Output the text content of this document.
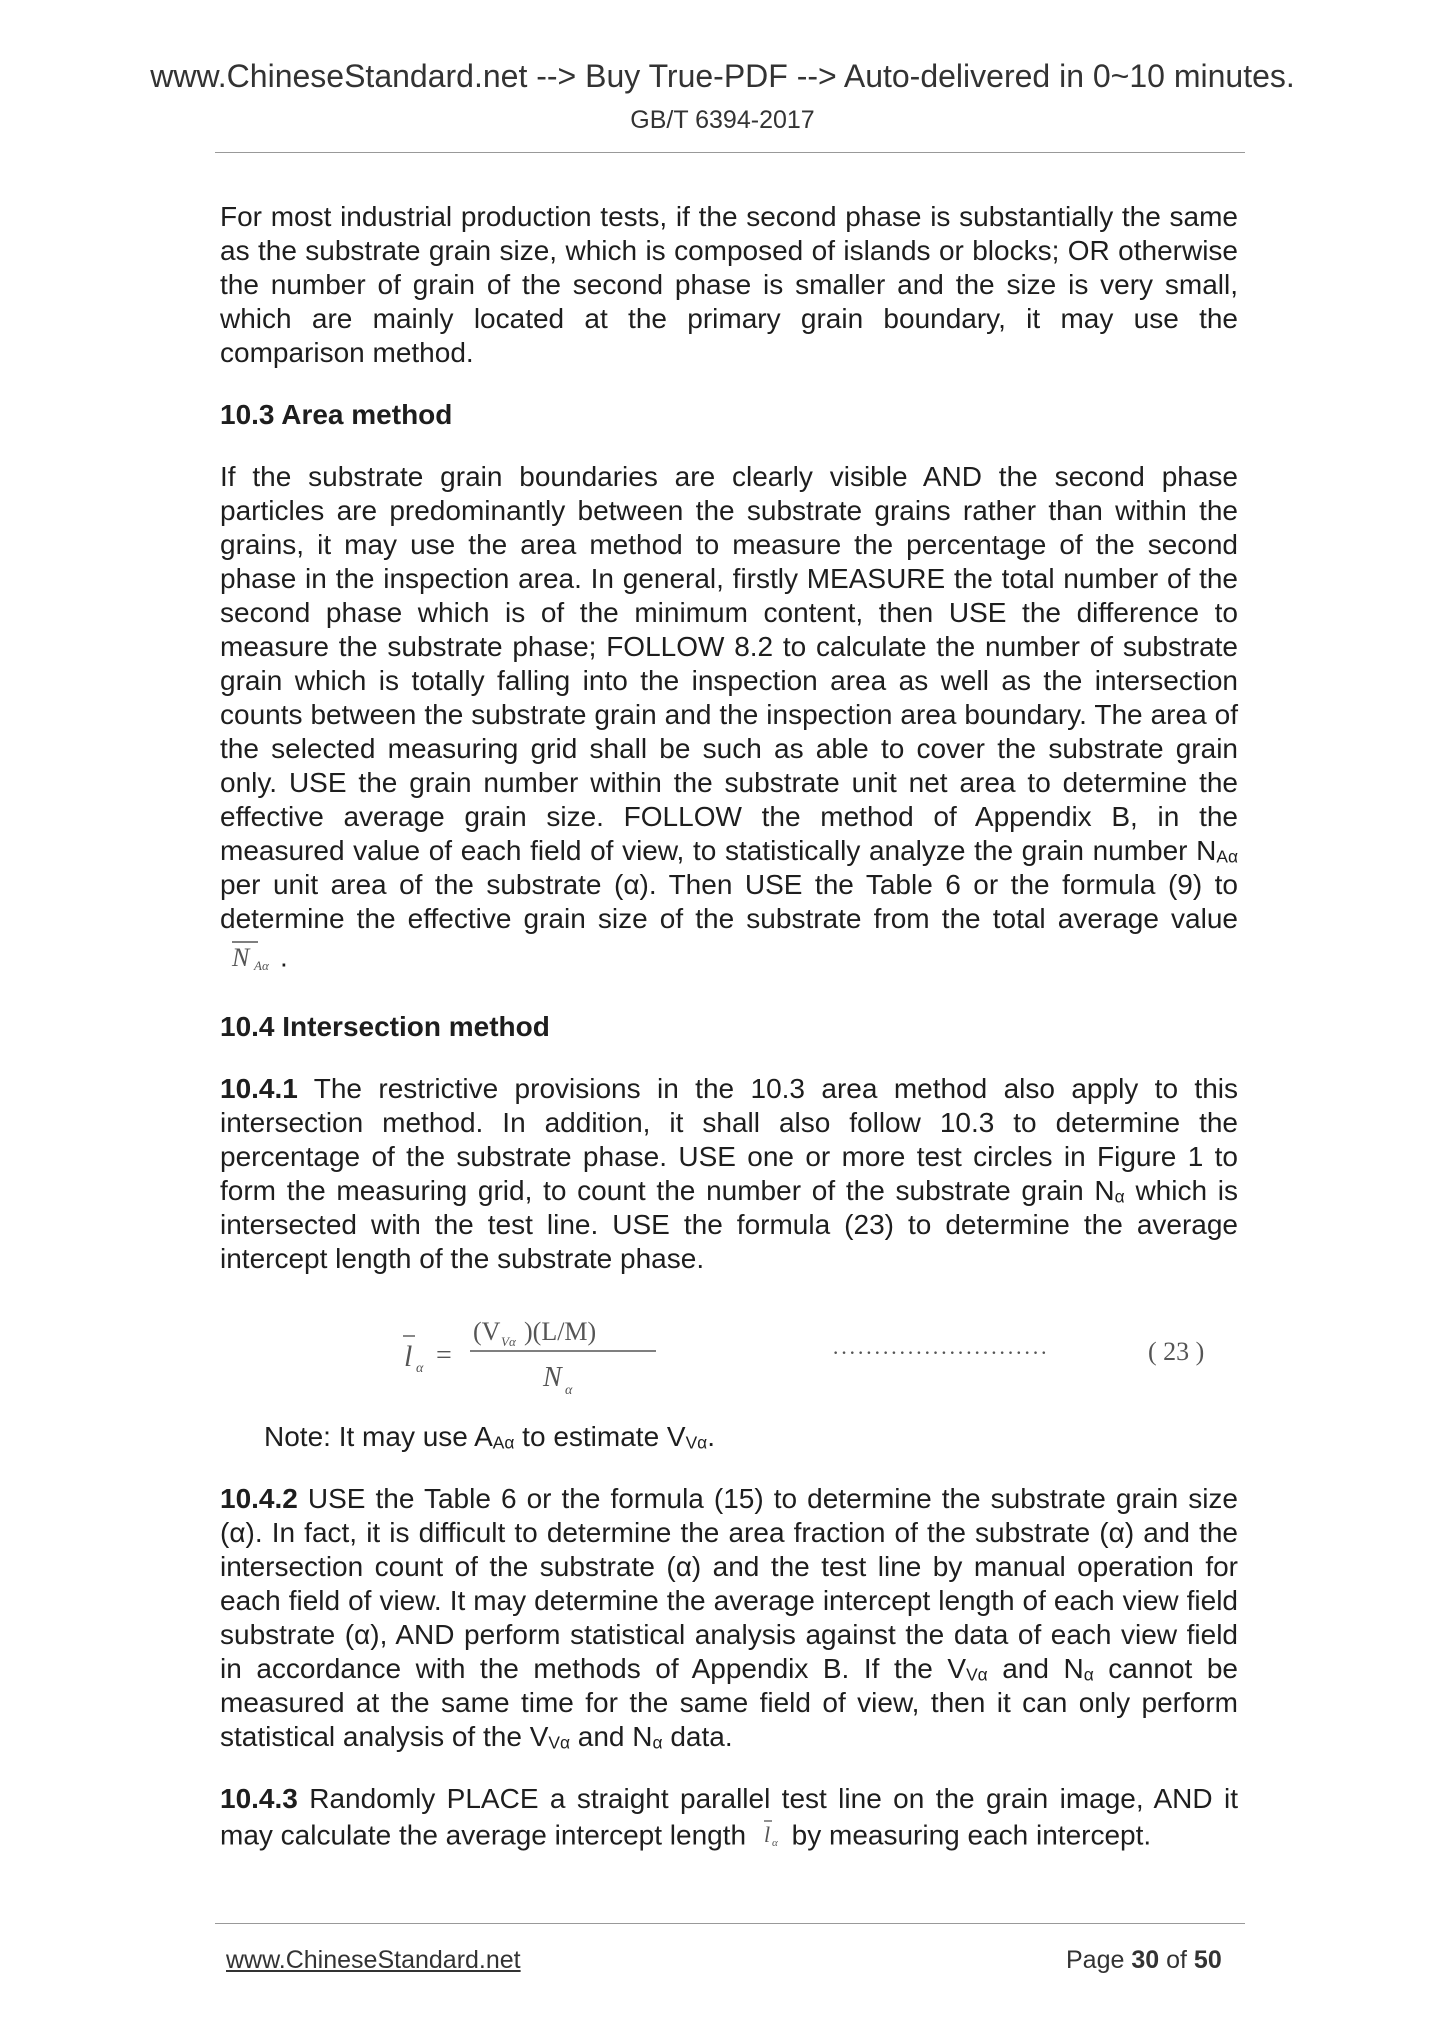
www.ChineseStandard.net --> Buy True-PDF --> Auto-delivered in 0~10 minutes.
GB/T 6394-2017

For most industrial production tests, if the second phase is substantially the same as the substrate grain size, which is composed of islands or blocks; OR otherwise the number of grain of the second phase is smaller and the size is very small, which are mainly located at the primary grain boundary, it may use the comparison method.

10.3 Area method

If the substrate grain boundaries are clearly visible AND the second phase particles are predominantly between the substrate grains rather than within the grains, it may use the area method to measure the percentage of the second phase in the inspection area. In general, firstly MEASURE the total number of the second phase which is of the minimum content, then USE the difference to measure the substrate phase; FOLLOW 8.2 to calculate the number of substrate grain which is totally falling into the inspection area as well as the intersection counts between the substrate grain and the inspection area boundary. The area of the selected measuring grid shall be such as able to cover the substrate grain only. USE the grain number within the substrate unit net area to determine the effective average grain size. FOLLOW the method of Appendix B, in the measured value of each field of view, to statistically analyze the grain number $N_{A\alpha}$ per unit area of the substrate (α). Then USE the Table 6 or the formula (9) to determine the effective grain size of the substrate from the total average value
N Aα .

10.4 Intersection method

10.4.1 The restrictive provisions in the 10.3 area method also apply to this intersection method. In addition, it shall also follow 10.3 to determine the percentage of the substrate phase. USE one or more test circles in Figure 1 to form the measuring grid, to count the number of the substrate grain $N_\alpha$ which is intersected with the test line. USE the formula (23) to determine the average intercept length of the substrate phase.

l α =
(V Vα )(L/M)
N α
··························	( 23 )

Note: It may use $A_{A\alpha}$ to estimate $V_{V\alpha}$.

10.4.2 USE the Table 6 or the formula (15) to determine the substrate grain size (α). In fact, it is difficult to determine the area fraction of the substrate (α) and the intersection count of the substrate (α) and the test line by manual operation for each field of view. It may determine the average intercept length of each view field substrate (α), AND perform statistical analysis against the data of each view field in accordance with the methods of Appendix B. If the $V_{V\alpha}$ and $N_\alpha$ cannot be measured at the same time for the same field of view, then it can only perform statistical analysis of the $V_{V\alpha}$ and $N_\alpha$ data.

10.4.3 Randomly PLACE a straight parallel test line on the grain image, AND it may calculate the average intercept length l α by measuring each intercept.

www.ChineseStandard.net	Page 30 of 50
